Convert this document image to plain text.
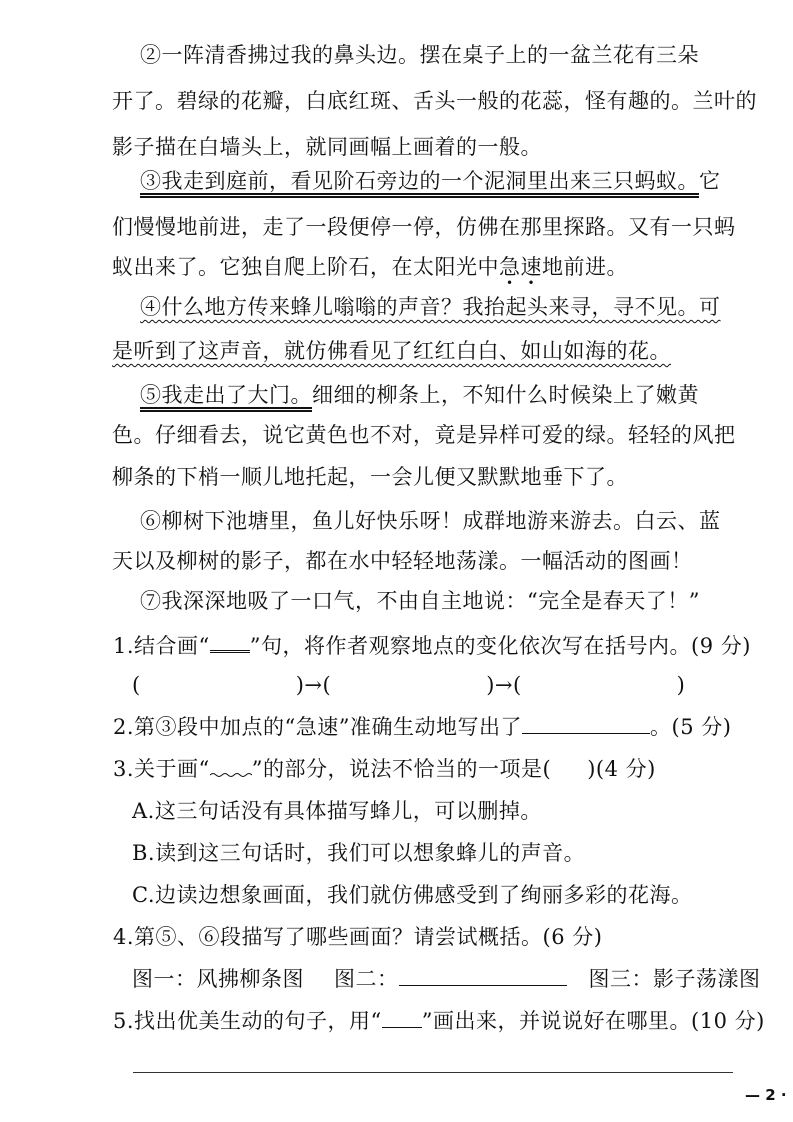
②一阵清香拂过我的鼻头边。摆在桌子上的一盆兰花有三朵
开了。碧绿的花瓣，白底红斑、舌头一般的花蕊，怪有趣的。兰叶的
影子描在白墙头上，就同画幅上画着的一般。
③我走到庭前，看见阶石旁边的一个泥洞里出来三只蚂蚁。它
们慢慢地前进，走了一段便停一停，仿佛在那里探路。又有一只蚂
蚁出来了。它独自爬上阶石，在太阳光中急速地前进。
④什么地方传来蜂儿嗡嗡的声音？我抬起头来寻，寻不见。可
是听到了这声音，就仿佛看见了红红白白、如山如海的花。
⑤我走出了大门。细细的柳条上，不知什么时候染上了嫩黄
色。仔细看去，说它黄色也不对，竟是异样可爱的绿。轻轻的风把
柳条的下梢一顺儿地托起，一会儿便又默默地垂下了。
⑥柳树下池塘里，鱼儿好快乐呀！成群地游来游去。白云、蓝
天以及柳树的影子，都在水中轻轻地荡漾。一幅活动的图画！
⑦我深深地吸了一口气，不由自主地说：“完全是春天了！”
1.结合画“ ”句，将作者观察地点的变化依次写在括号内。(9 分)
(	)→(	)→(	)
2.第③段中加点的“急速”准确生动地写出了	。(5 分)
3.关于画“ ”的部分，说法不恰当的一项是( )(4 分)
A.这三句话没有具体描写蜂儿，可以删掉。
B.读到这三句话时，我们可以想象蜂儿的声音。
C.边读边想象画面，我们就仿佛感受到了绚丽多彩的花海。
4.第⑤、⑥段描写了哪些画面？请尝试概括。(6 分)
图一：风拂柳条图 图二：	图三：影子荡漾图
5.找出优美生动的句子，用“ ”画出来，并说说好在哪里。(10 分)
— 2 ·
